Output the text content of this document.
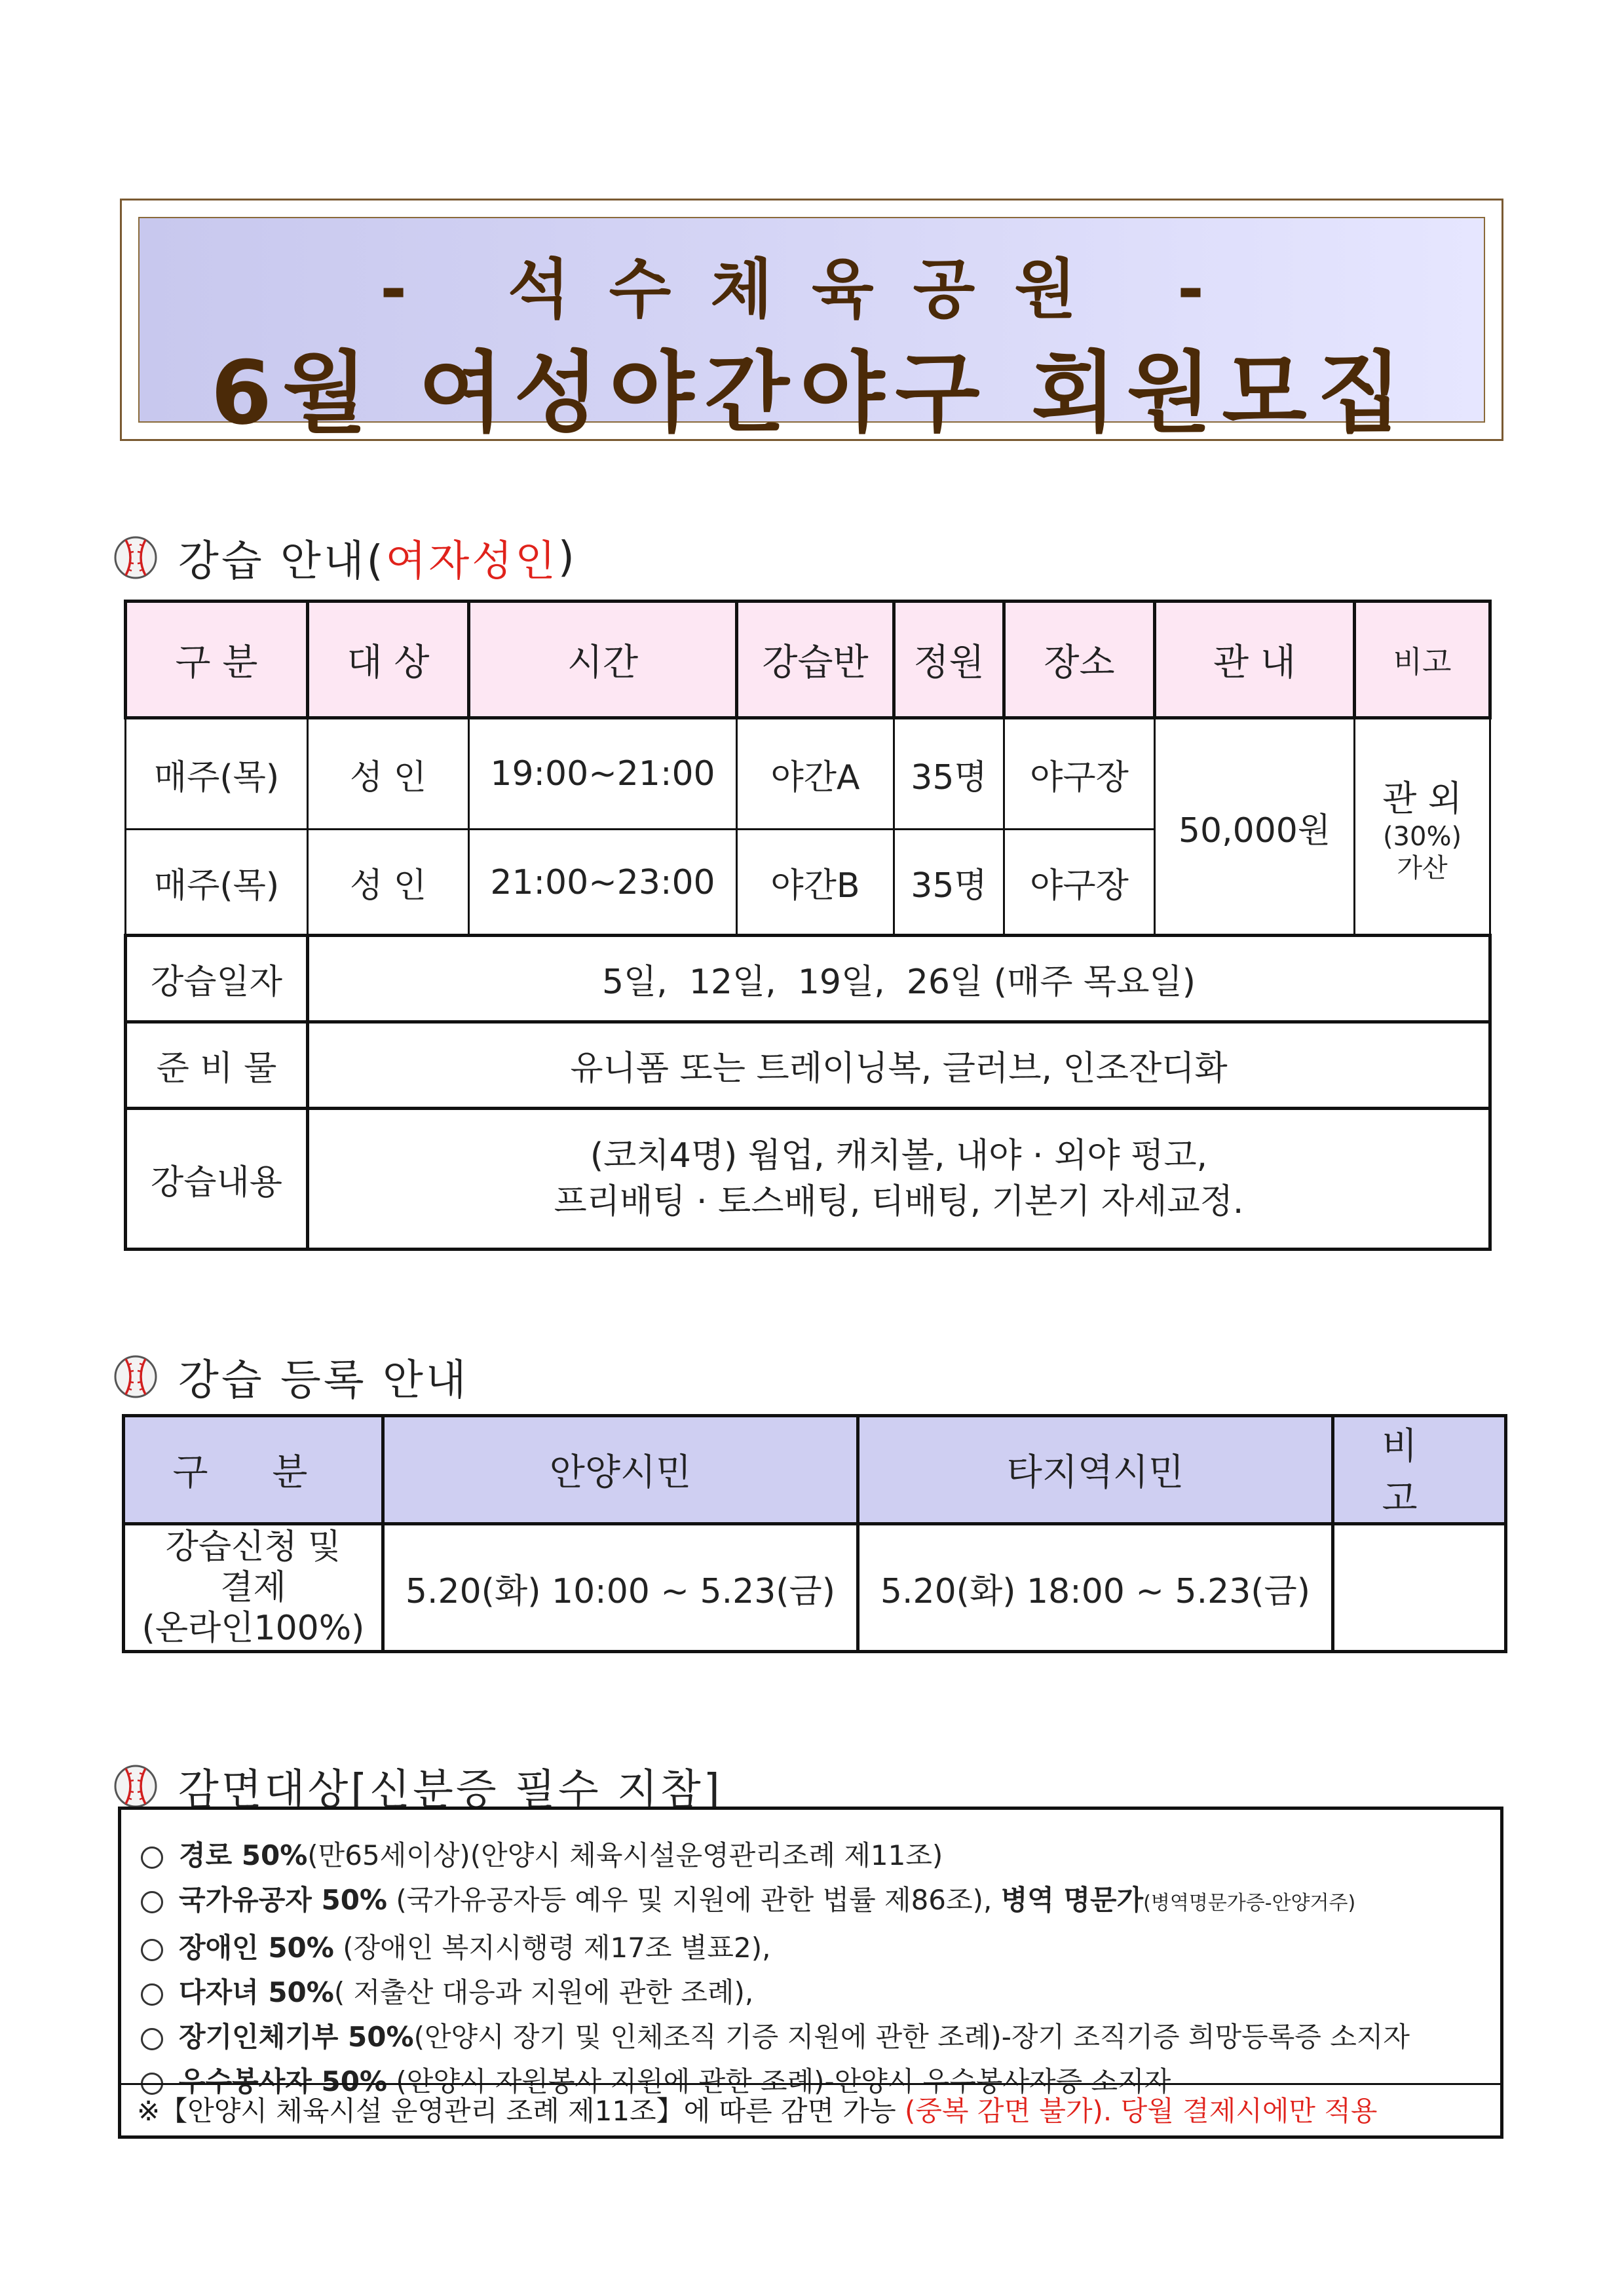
- 석수체육공원 -
6월 여성야간야구 회원모집
강습 안내( 여자성인 )
구 분	대 상	시간	강습반	정원	장소	관 내	비고
매주(목)	성 인	19:00~21:00	야간A	35명	야구장	50,000원	관 외
(30%)
가산

매주(목)	성 인	21:00~23:00	야간B	35명	야구장		
강습일자	5일,  12일,  19일,  26일 (매주 목요일)
준 비 물	유니폼 또는 트레이닝복, 글러브, 인조잔디화
강습내용	(코치4명) 웜업, 캐치볼, 내야 · 외야 펑고,
프리배팅 · 토스배팅, 티배팅, 기본기 자세교정.
강습 등록 안내
구 분	안양시민	타지역시민	비 고

강습신청 및
결제
(온라인100%)	5.20(화) 10:00 ~ 5.23(금)	5.20(화) 18:00 ~ 5.23(금)	
감면대상[신분증 필수 지참]
경로 50%(만65세이상)(안양시 체육시설운영관리조례 제11조)
국가유공자 50% (국가유공자등 예우 및 지원에 관한 법률 제86조), 병역 명문가(병역명문가증-안양거주)
장애인 50% (장애인 복지시행령 제17조 별표2),
다자녀 50%( 저출산 대응과 지원에 관한 조례),
장기인체기부 50%(안양시 장기 및 인체조직 기증 지원에 관한 조례)-장기 조직기증 희망등록증 소지자
우수봉사자 50% (안양시 자원봉사 지원에 관한 조례)-안양시 우수봉사자증 소지자
※【안양시 체육시설 운영관리 조례 제11조】에 따른 감면 가능 (중복 감면 불가). 당월 결제시에만 적용
